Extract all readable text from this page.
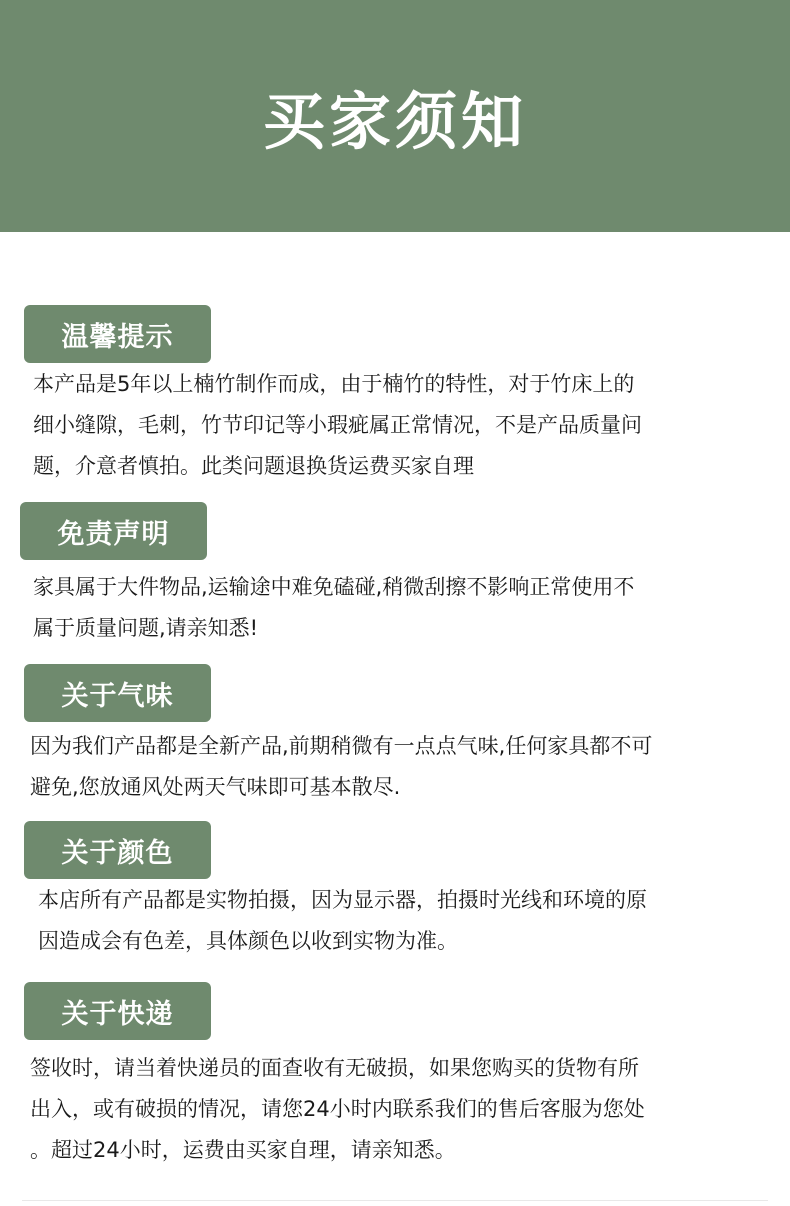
买家须知
温馨提示

本产品是5年以上楠竹制作而成，由于楠竹的特性，对于竹床上的
细小缝隙，毛刺，竹节印记等小瑕疵属正常情况，不是产品质量问
题，介意者慎拍。此类问题退换货运费买家自理

免责声明

家具属于大件物品,运输途中难免磕碰,稍微刮擦不影响正常使用不
属于质量问题,请亲知悉!

关于气味

因为我们产品都是全新产品,前期稍微有一点点气味,任何家具都不可
避免,您放通风处两天气味即可基本散尽.

关于颜色

本店所有产品都是实物拍摄，因为显示器，拍摄时光线和环境的原
因造成会有色差，具体颜色以收到实物为准。

关于快递

签收时，请当着快递员的面查收有无破损，如果您购买的货物有所
出入，或有破损的情况，请您24小时内联系我们的售后客服为您处
。超过24小时，运费由买家自理，请亲知悉。
